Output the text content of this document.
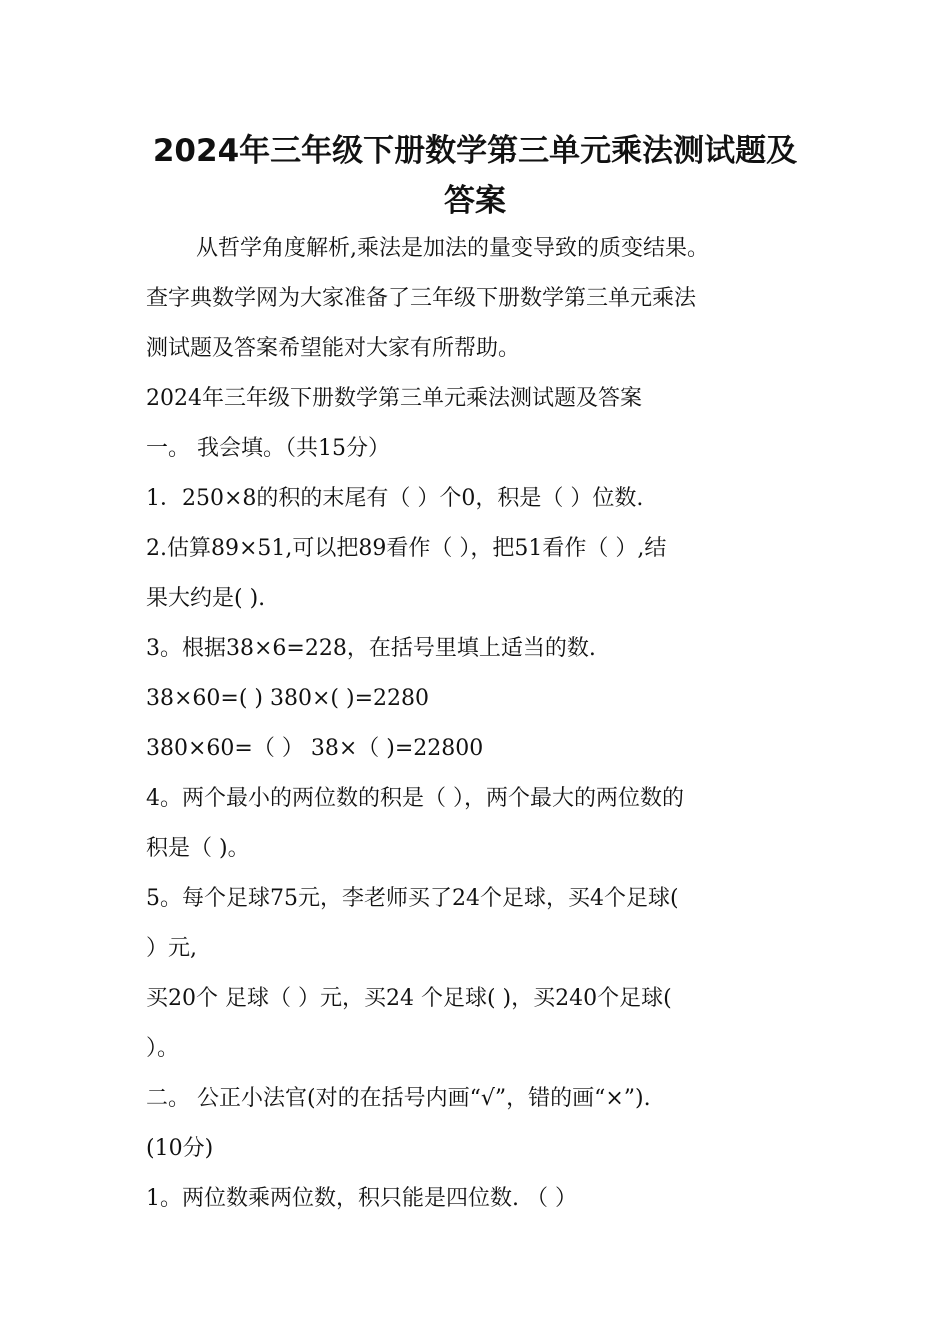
2024年三年级下册数学第三单元乘法测试题及
答案
从哲学角度解析,乘法是加法的量变导致的质变结果。
查字典数学网为大家准备了三年级下册数学第三单元乘法
测试题及答案希望能对大家有所帮助。
2024年三年级下册数学第三单元乘法测试题及答案
一。 我会填。（共15分）
1．250×8的积的末尾有（ ）个0，积是（ ）位数.
2.估算89×51,可以把89看作（ ），把51看作（ ）,结
果大约是( ).
3。根据38×6=228，在括号里填上适当的数.
38×60=( ) 380×( )=2280
380×60=（ ） 38×（ )=22800
4。两个最小的两位数的积是（ ），两个最大的两位数的
积是（ )。
5。每个足球75元，李老师买了24个足球，买4个足球(
）元,
买20个 足球（ ）元，买24 个足球( )，买240个足球(
）。
二。 公正小法官(对的在括号内画“√”，错的画“×”).
(10分)
1。两位数乘两位数，积只能是四位数. （ ）
